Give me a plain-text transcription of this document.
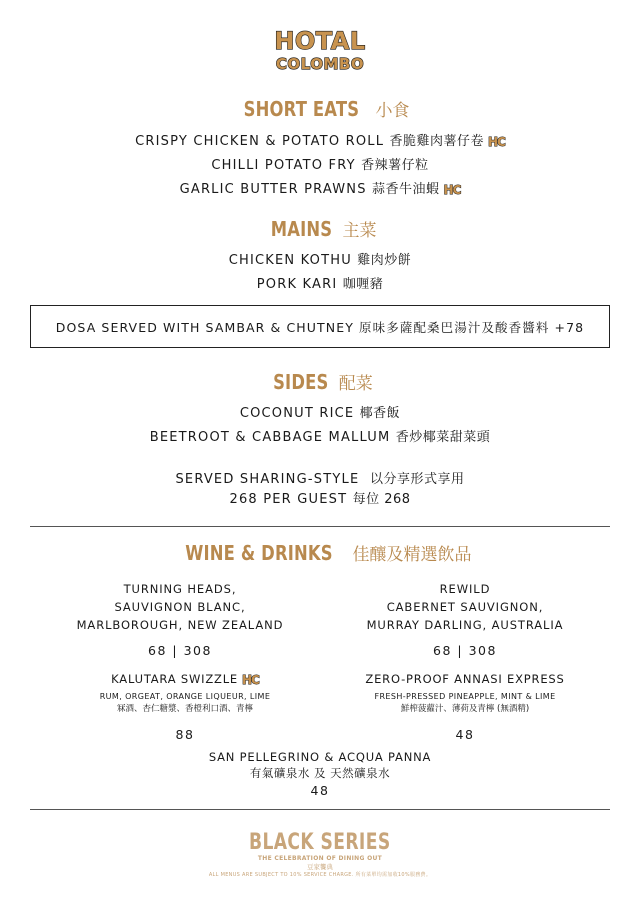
HOTAL
COLOMBO
SHORT EATS 小食
CRISPY CHICKEN & POTATO ROLL 香脆雞肉薯仔卷 HC
CHILLI POTATO FRY 香辣薯仔粒
GARLIC BUTTER PRAWNS 蒜香牛油蝦 HC
MAINS 主菜
CHICKEN KOTHU 雞肉炒餅
PORK KARI 咖喱豬
DOSA SERVED WITH SAMBAR & CHUTNEY 原味多薩配桑巴湯汁及酸香醬料 +78
SIDES 配菜
COCONUT RICE 椰香飯
BEETROOT & CABBAGE MALLUM 香炒椰菜甜菜頭
SERVED SHARING-STYLE 以分享形式享用
268 PER GUEST 每位 268
WINE & DRINKS 佳釀及精選飲品
TURNING HEADS,
SAUVIGNON BLANC,
MARLBOROUGH, NEW ZEALAND
68 | 308
REWILD
CABERNET SAUVIGNON,
MURRAY DARLING, AUSTRALIA
68 | 308
KALUTARA SWIZZLE HC
RUM, ORGEAT, ORANGE LIQUEUR, LIME
冧酒、杏仁糖漿、香橙利口酒、青檸
88
ZERO-PROOF ANNASI EXPRESS
FRESH-PRESSED PINEAPPLE, MINT & LIME
鮮榨菠蘿汁、薄荷及青檸 (無酒精)
48
SAN PELLEGRINO & ACQUA PANNA
有氣礦泉水 及 天然礦泉水
48
BLACK SERIES
THE CELEBRATION OF DINING OUT
豆家饗典
ALL MENUS ARE SUBJECT TO 10% SERVICE CHARGE. 所有菜單均需加收10%服務費。
